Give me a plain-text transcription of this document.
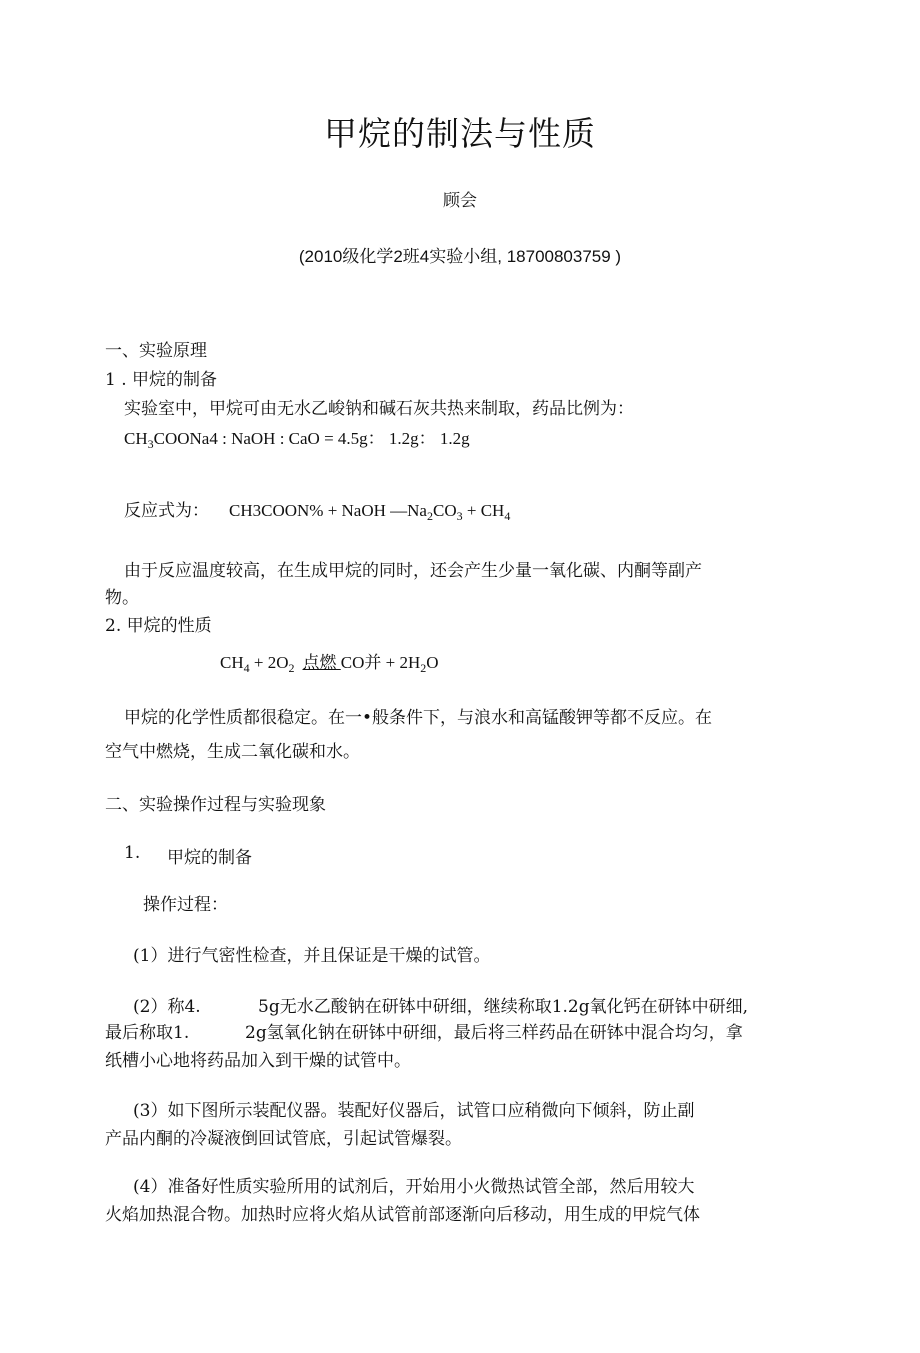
甲烷的制法与性质
顾会
(2010级化学2班4实验小组, 18700803759 )
一、实验原理
1 . 甲烷的制备
实验室中，甲烷可由无水乙峻钠和碱石灰共热来制取，药品比例为：
$CH_3COONa4$ : NaOH : CaO = 4.5g： 1.2g： 1.2g
反应式为： CH3COON% + NaOH $—Na_2CO_3 + CH_4$
由于反应温度较高，在生成甲烷的同时，还会产生少量一氧化碳、内酮等副产
物。
2. 甲烷的性质
$CH_4 + 2O_2$ 点燃 CO并 + $2H_2O$
甲烷的化学性质都很稳定。在一•般条件下，与浪水和高锰酸钾等都不反应。在
空气中燃烧，生成二氧化碳和水。
二、实验操作过程与实验现象
1. 甲烷的制备
操作过程：
(1）进行气密性检查，并且保证是干燥的试管。
(2）称4.	5g无水乙酸钠在研钵中研细，继续称取1.2g氧化钙在研钵中研细,
最后称取1.	2g氢氧化钠在研钵中研细，最后将三样药品在研钵中混合均匀，拿
纸槽小心地将药品加入到干燥的试管中。
(3）如下图所示装配仪器。装配好仪器后，试管口应稍微向下倾斜，防止副
产品内酮的冷凝液倒回试管底，引起试管爆裂。
(4）准备好性质实验所用的试剂后，开始用小火微热试管全部，然后用较大
火焰加热混合物。加热时应将火焰从试管前部逐渐向后移动，用生成的甲烷气体
